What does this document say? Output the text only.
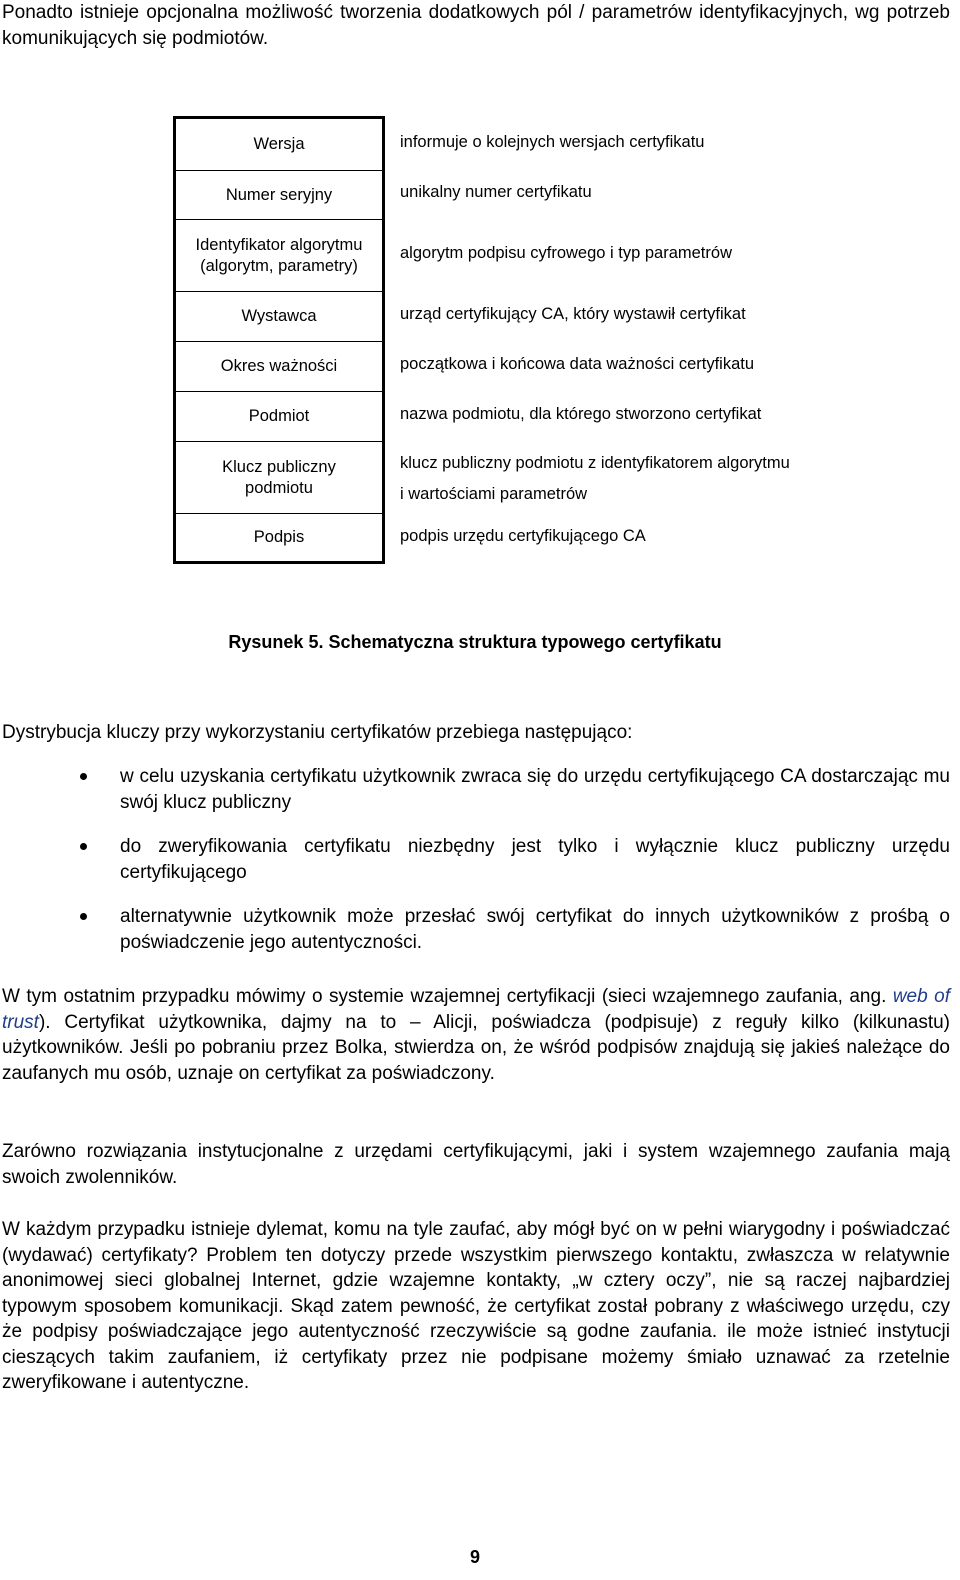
Ponadto istnieje opcjonalna możliwość tworzenia dodatkowych pól / parametrów identyfikacyjnych, wg potrzeb komunikujących się podmiotów.

Wersja
Numer seryjny
Identyfikator algorytmu
(algorytm, parametry)
Wystawca
Okres ważności
Podmiot
Klucz publiczny
podmiotu
Podpis
informuje o kolejnych wersjach certyfikatu
unikalny numer certyfikatu
algorytm podpisu cyfrowego i typ parametrów
urząd certyfikujący CA, który wystawił certyfikat
początkowa i końcowa data ważności certyfikatu
nazwa podmiotu, dla którego stworzono certyfikat
klucz publiczny podmiotu z identyfikatorem algorytmu
i wartościami parametrów
podpis urzędu certyfikującego CA
Rysunek 5. Schematyczna struktura typowego certyfikatu

Dystrybucja kluczy przy wykorzystaniu certyfikatów przebiega następująco:

w celu uzyskania certyfikatu użytkownik zwraca się do urzędu certyfikującego CA dostarczając mu swój klucz publiczny
do zweryfikowania certyfikatu niezbędny jest tylko i wyłącznie klucz publiczny urzędu certyfikującego
alternatywnie użytkownik może przesłać swój certyfikat do innych użytkowników z prośbą o poświadczenie jego autentyczności.

W tym ostatnim przypadku mówimy o systemie wzajemnej certyfikacji (sieci wzajemnego zaufania, ang. web of trust). Certyfikat użytkownika, dajmy na to – Alicji, poświadcza (podpisuje) z reguły kilko (kilkunastu) użytkowników. Jeśli po pobraniu przez Bolka, stwierdza on, że wśród podpisów znajdują się jakieś należące do zaufanych mu osób, uznaje on certyfikat za poświadczony.

Zarówno rozwiązania instytucjonalne z urzędami certyfikującymi, jaki i system wzajemnego zaufania mają swoich zwolenników.

W każdym przypadku istnieje dylemat, komu na tyle zaufać, aby mógł być on w pełni wiarygodny i poświadczać (wydawać) certyfikaty? Problem ten dotyczy przede wszystkim pierwszego kontaktu, zwłaszcza w relatywnie anonimowej sieci globalnej Internet, gdzie wzajemne kontakty, „w cztery oczy”, nie są raczej najbardziej typowym sposobem komunikacji. Skąd zatem pewność, że certyfikat został pobrany z właściwego urzędu, czy że podpisy poświadczające jego autentyczność rzeczywiście są godne zaufania. ile może istnieć instytucji cieszących takim zaufaniem, iż certyfikaty przez nie podpisane możemy śmiało uznawać za rzetelnie zweryfikowane i autentyczne.

9
